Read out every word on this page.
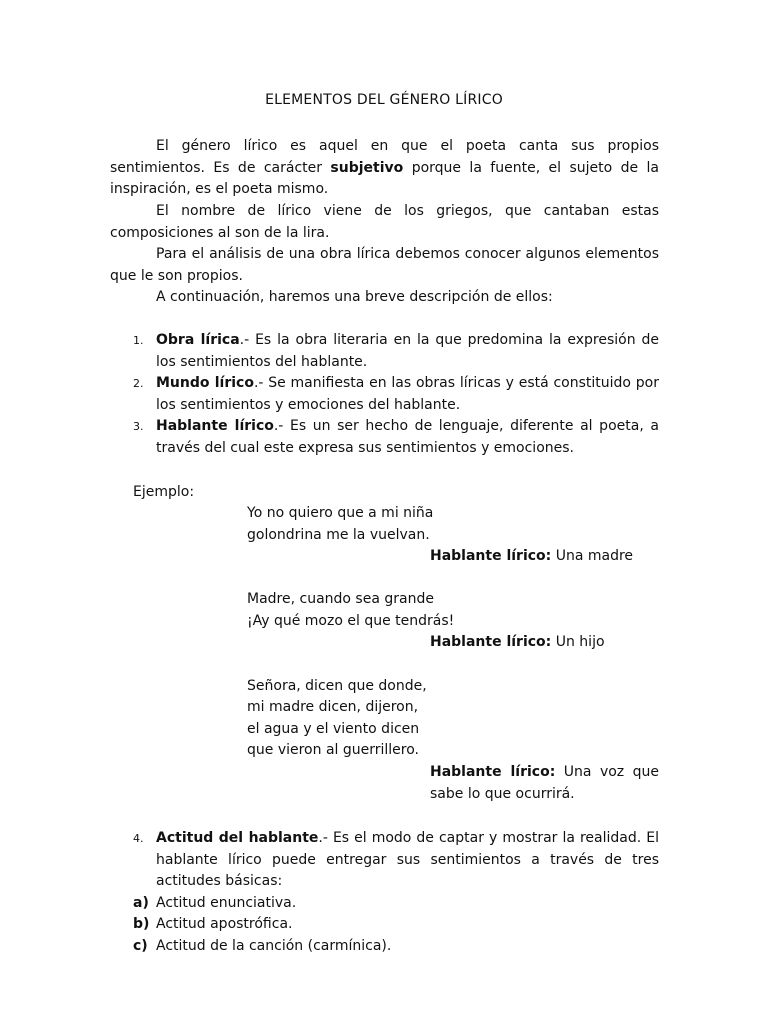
ELEMENTOS DEL GÉNERO LÍRICO

El género lírico es aquel en que el poeta canta sus propios sentimientos. Es de carácter subjetivo porque la fuente, el sujeto de la inspiración, es el poeta mismo.

El nombre de lírico viene de los griegos, que cantaban estas composiciones al son de la lira.

Para el análisis de una obra lírica debemos conocer algunos elementos que le son propios.

A continuación, haremos una breve descripción de ellos:

1. Obra lírica.- Es la obra literaria en la que predomina la expresión de los sentimientos del hablante.
2. Mundo lírico.- Se manifiesta en las obras líricas y está constituido por los sentimientos y emociones del hablante.
3. Hablante lírico.- Es un ser hecho de lenguaje, diferente al poeta, a través del cual este expresa sus sentimientos y emociones.
Ejemplo:
Yo no quiero que a mi niña
golondrina me la vuelvan.
Hablante lírico: Una madre
Madre, cuando sea grande
¡Ay qué mozo el que tendrás!
Hablante lírico: Un hijo
Señora, dicen que donde,
mi madre dicen, dijeron,
el agua y el viento dicen
que vieron al guerrillero.
Hablante lírico: Una voz que sabe lo que ocurrirá.
4. Actitud del hablante.- Es el modo de captar y mostrar la realidad. El hablante lírico puede entregar sus sentimientos a través de tres actitudes básicas:
a) Actitud enunciativa.
b) Actitud apostrófica.
c) Actitud de la canción (carmínica).
